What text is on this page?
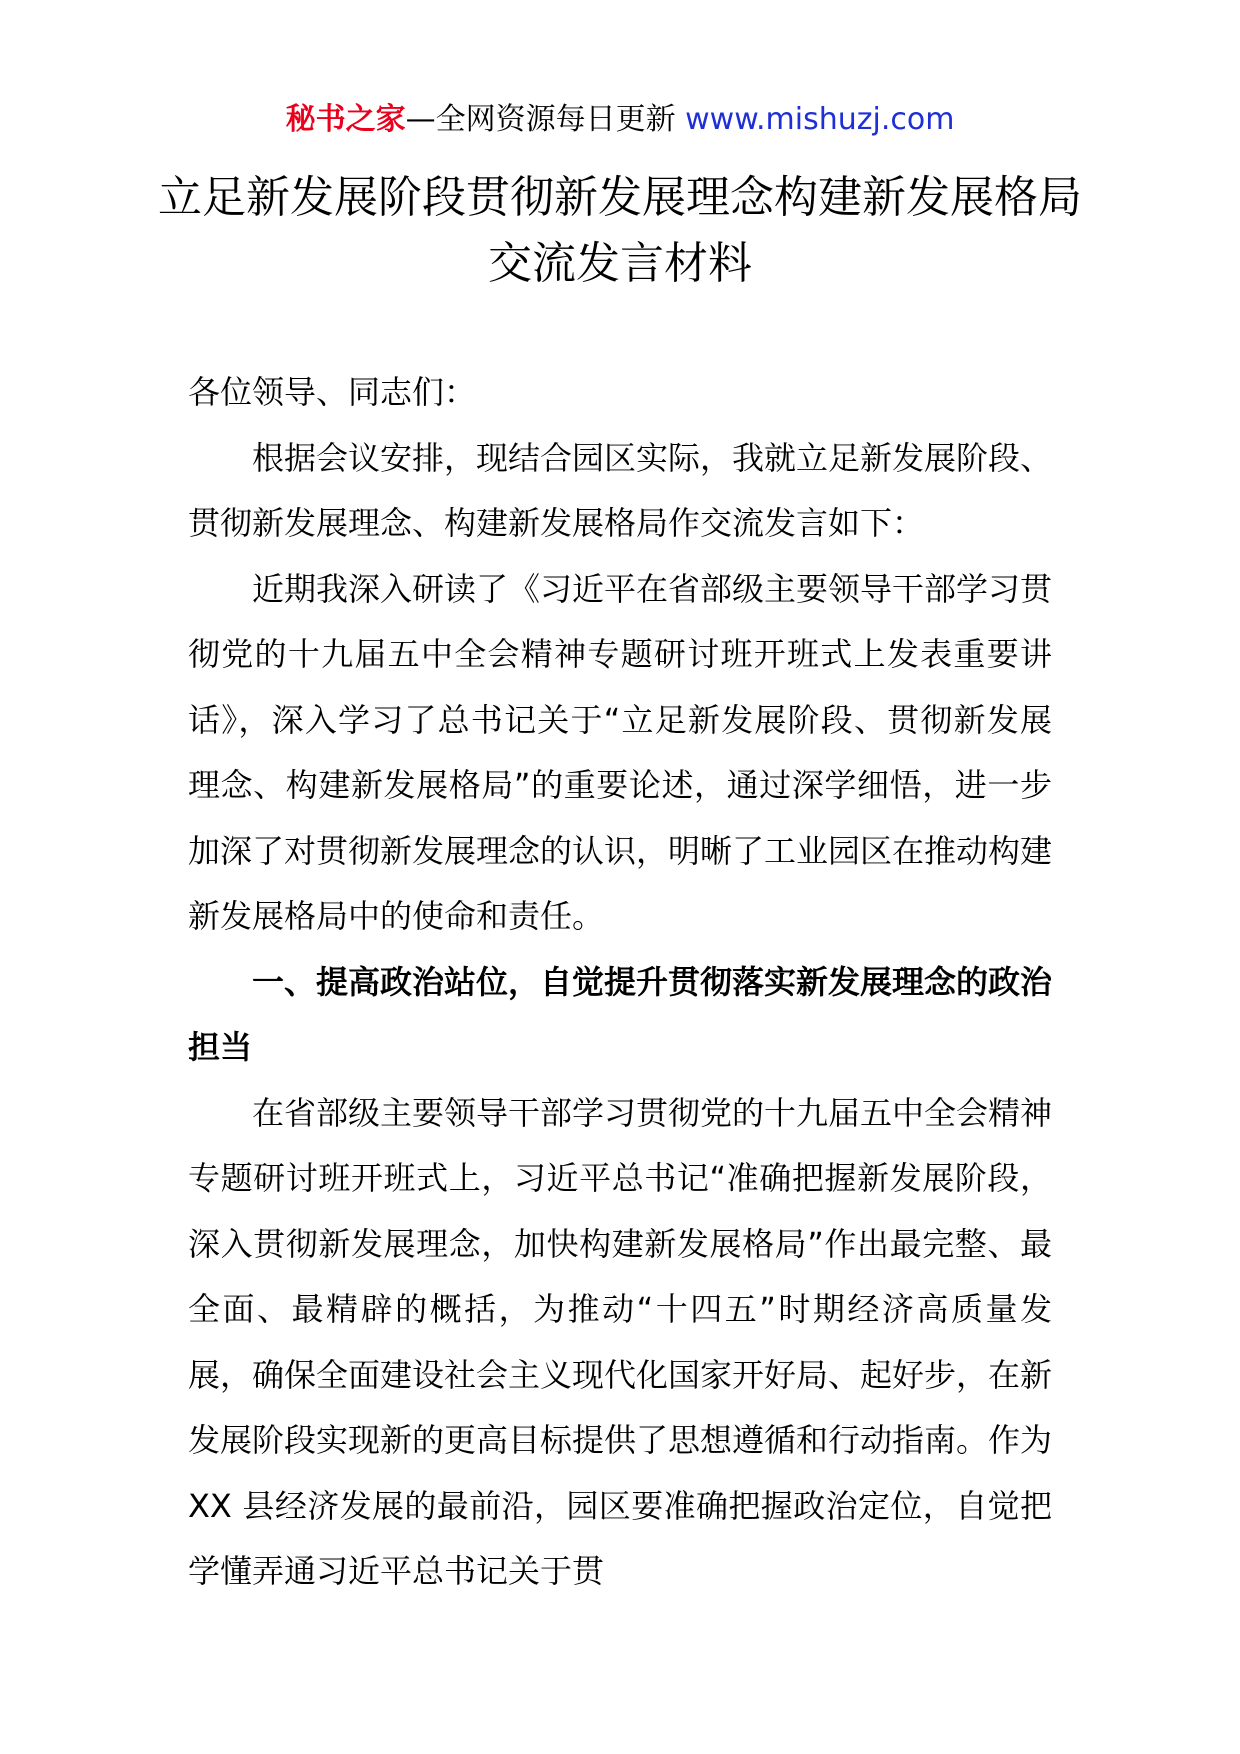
秘书之家—全网资源每日更新 www.mishuzj.com
立足新发展阶段贯彻新发展理念构建新发展格局交流发言材料

各位领导、同志们：

根据会议安排，现结合园区实际，我就立足新发展阶段、贯彻新发展理念、构建新发展格局作交流发言如下：

近期我深入研读了《习近平在省部级主要领导干部学习贯彻党的十九届五中全会精神专题研讨班开班式上发表重要讲话》，深入学习了总书记关于“立足新发展阶段、贯彻新发展理念、构建新发展格局”的重要论述，通过深学细悟，进一步加深了对贯彻新发展理念的认识，明晰了工业园区在推动构建新发展格局中的使命和责任。

一、提高政治站位，自觉提升贯彻落实新发展理念的政治担当

在省部级主要领导干部学习贯彻党的十九届五中全会精神专题研讨班开班式上，习近平总书记“准确把握新发展阶段，深入贯彻新发展理念，加快构建新发展格局”作出最完整、最全面、最精辟的概括，为推动“十四五”时期经济高质量发展，确保全面建设社会主义现代化国家开好局、起好步，在新发展阶段实现新的更高目标提供了思想遵循和行动指南。作为 XX 县经济发展的最前沿，园区要准确把握政治定位，自觉把学懂弄通习近平总书记关于贯
